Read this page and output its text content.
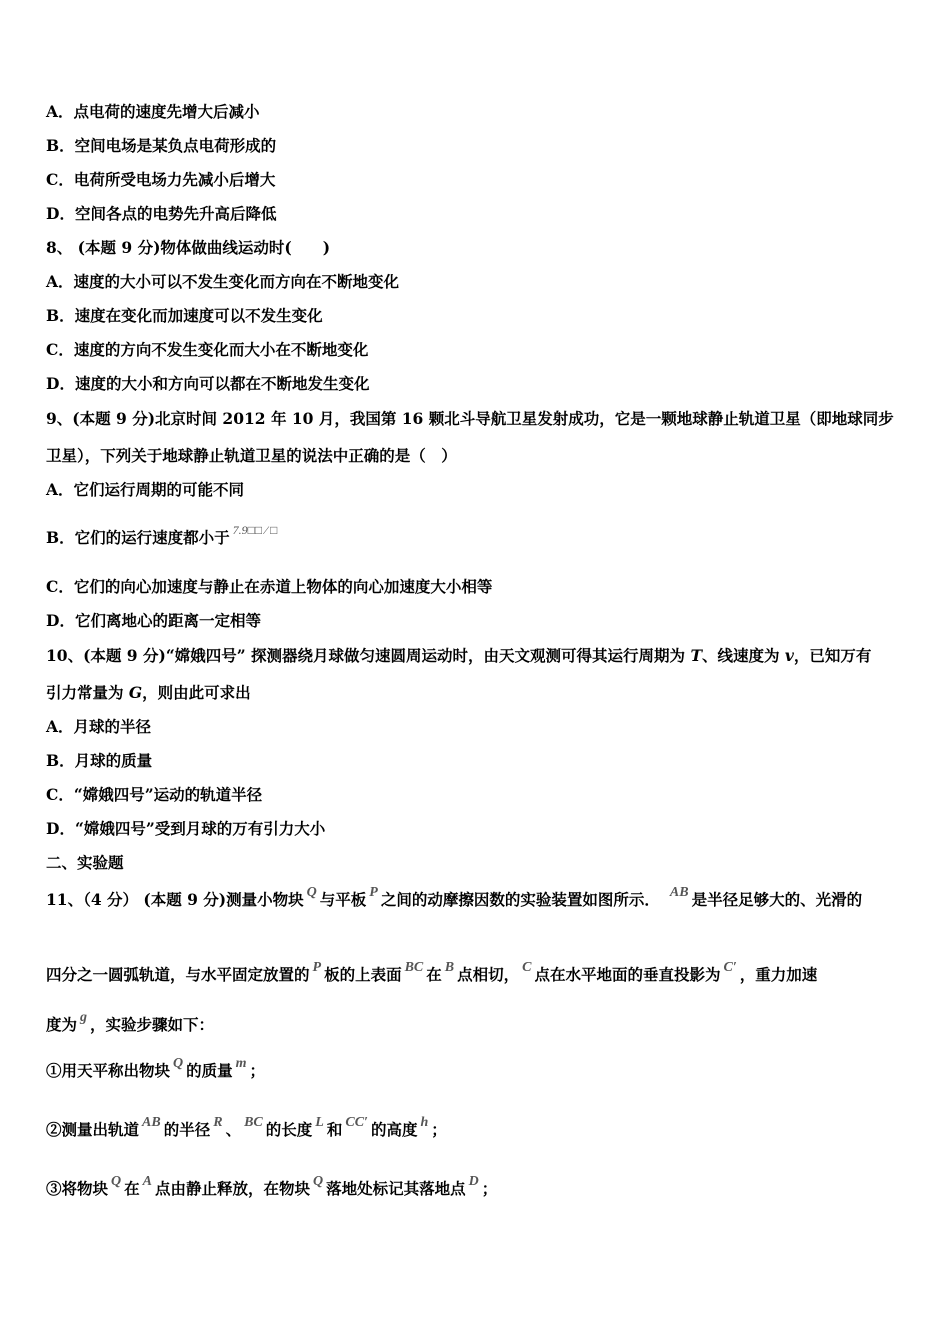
A．点电荷的速度先增大后减小
B．空间电场是某负点电荷形成的
C．电荷所受电场力先减小后增大
D．空间各点的电势先升高后降低
8、 (本题 9 分)物体做曲线运动时(　　)
A．速度的大小可以不发生变化而方向在不断地变化
B．速度在变化而加速度可以不发生变化
C．速度的方向不发生变化而大小在不断地变化
D．速度的大小和方向可以都在不断地发生变化
9、(本题 9 分)北京时间 2012 年 10 月，我国第 16 颗北斗导航卫星发射成功，它是一颗地球静止轨道卫星（即地球同步
卫星），下列关于地球静止轨道卫星的说法中正确的是（　）
A．它们运行周期的可能不同
B．它们的运行速度都小于 $^{7.9□□ ⁄ □}$
C．它们的向心加速度与静止在赤道上物体的向心加速度大小相等
D．它们离地心的距离一定相等
10、(本题 9 分)“嫦娥四号” 探测器绕月球做匀速圆周运动时，由天文观测可得其运行周期为 T、线速度为 v，已知万有
引力常量为 G，则由此可求出
A．月球的半径
B．月球的质量
C．“嫦娥四号”运动的轨道半径
D．“嫦娥四号”受到月球的万有引力大小
二、实验题
11、（4 分） (本题 9 分)测量小物块 Q 与平板 P 之间的动摩擦因数的实验装置如图所示． AB 是半径足够大的、光滑的
四分之一圆弧轨道，与水平固定放置的 P 板的上表面 BC 在 B 点相切， C 点在水平地面的垂直投影为 C′ ，重力加速
度为 g ，实验步骤如下：
①用天平称出物块 Q 的质量 m ；
②测量出轨道 AB 的半径 R 、 BC 的长度 L 和 CC′ 的高度 h ；
③将物块 Q 在 A 点由静止释放，在物块 Q 落地处标记其落地点 D ；
